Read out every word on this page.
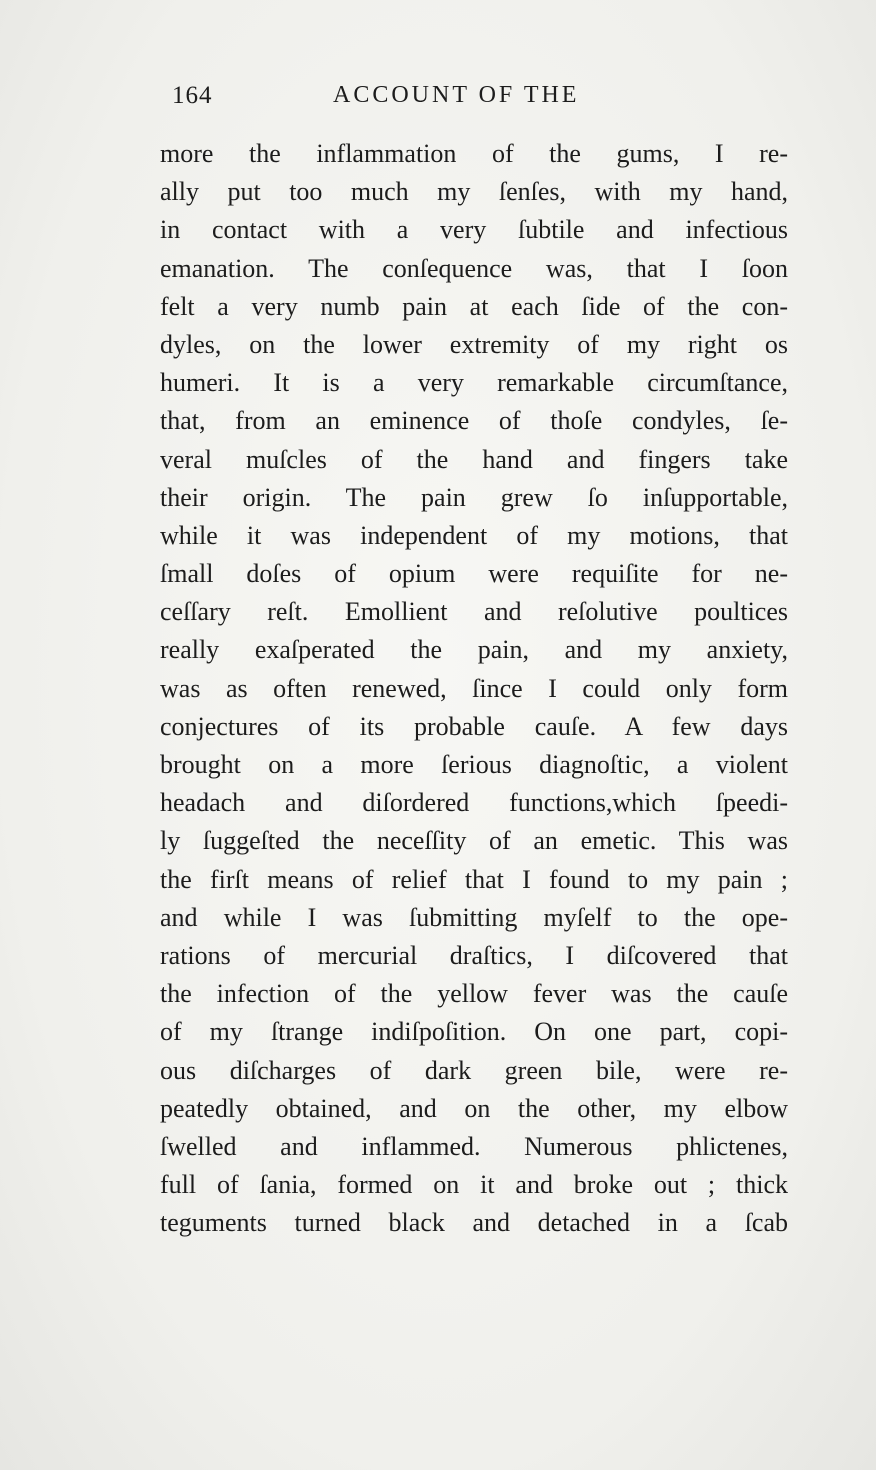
164	ACCOUNT OF THE
more the inflammation of the gums, I re-
ally put too much my ſenſes, with my hand,
in contact with a very ſubtile and infectious
emanation. The conſequence was, that I ſoon
felt a very numb pain at each ſide of the con-
dyles, on the lower extremity of my right os
humeri. It is a very remarkable circumſtance,
that, from an eminence of thoſe condyles, ſe-
veral muſcles of the hand and fingers take
their origin. The pain grew ſo inſupportable,
while it was independent of my motions, that
ſmall doſes of opium were requiſite for ne-
ceſſary reſt. Emollient and reſolutive poultices
really exaſperated the pain, and my anxiety,
was as often renewed, ſince I could only form
conjectures of its probable cauſe. A few days
brought on a more ſerious diagnoſtic, a violent
headach and diſordered functions,which ſpeedi-
ly ſuggeſted the neceſſity of an emetic. This was
the firſt means of relief that I found to my pain ;
and while I was ſubmitting myſelf to the ope-
rations of mercurial draſtics, I diſcovered that
the infection of the yellow fever was the cauſe
of my ſtrange indiſpoſition. On one part, copi-
ous diſcharges of dark green bile, were re-
peatedly obtained, and on the other, my elbow
ſwelled and inflammed. Numerous phlictenes,
full of ſania, formed on it and broke out ; thick
teguments turned black and detached in a ſcab
